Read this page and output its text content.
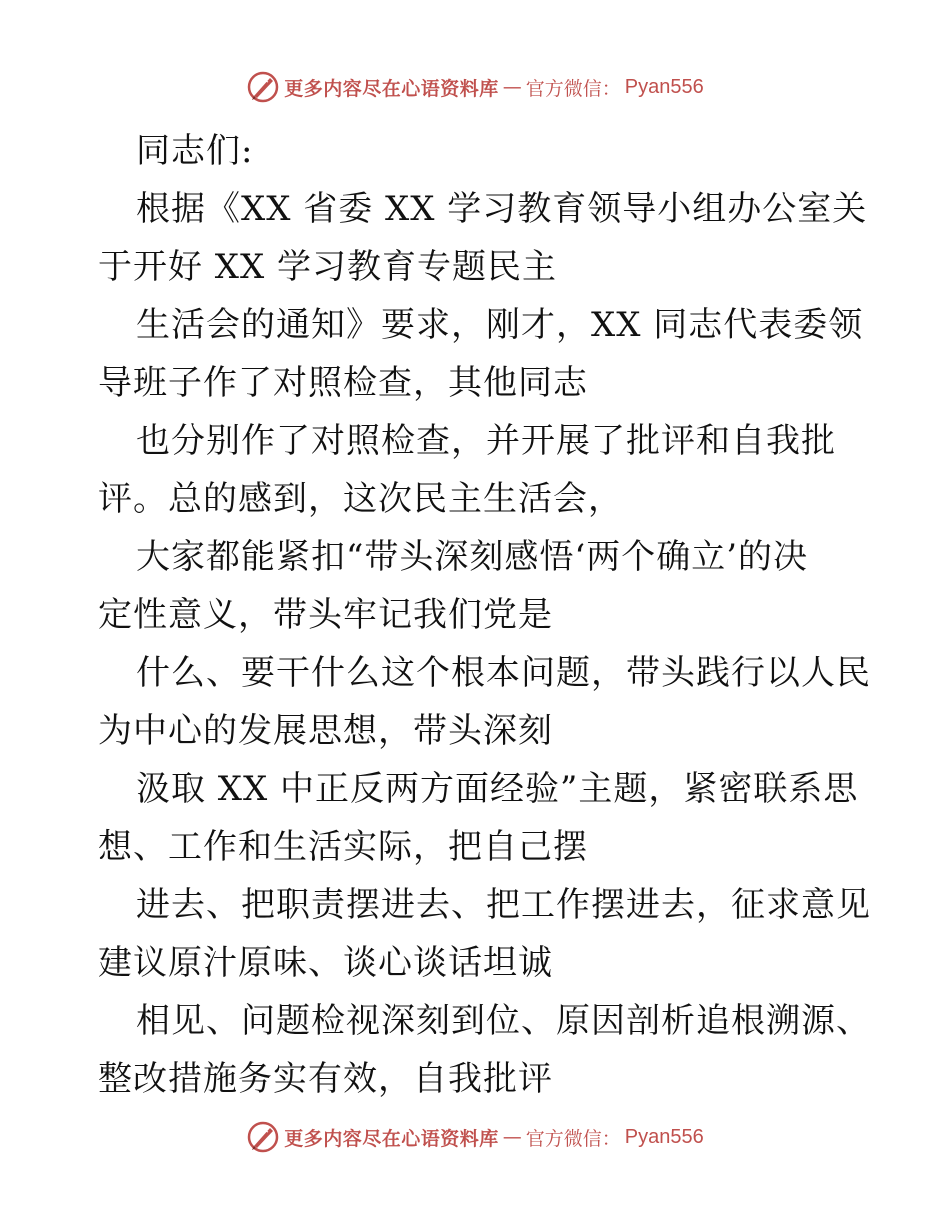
更多内容尽在心语资料库 — 官方微信： Pyan556
同志们:
根据《XX 省委 XX 学习教育领导小组办公室关
于开好 XX 学习教育专题民主
生活会的通知》要求，刚才，XX 同志代表委领
导班子作了对照检查，其他同志
也分别作了对照检查，并开展了批评和自我批
评。总的感到，这次民主生活会，
大家都能紧扣“带头深刻感悟‘两个确立’的决
定性意义，带头牢记我们党是
什么、要干什么这个根本问题，带头践行以人民
为中心的发展思想，带头深刻
汲取 XX 中正反两方面经验”主题，紧密联系思
想、工作和生活实际，把自己摆
进去、把职责摆进去、把工作摆进去，征求意见
建议原汁原味、谈心谈话坦诚
相见、问题检视深刻到位、原因剖析追根溯源、
整改措施务实有效，自我批评
更多内容尽在心语资料库 — 官方微信： Pyan556
